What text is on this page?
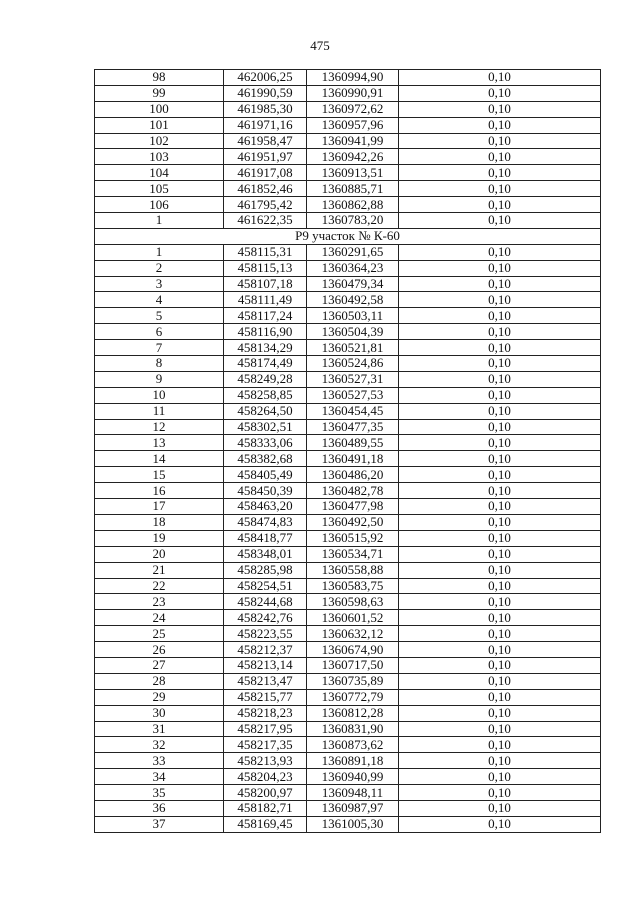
475
98	462006,25	1360994,90	0,10
99	461990,59	1360990,91	0,10
100	461985,30	1360972,62	0,10
101	461971,16	1360957,96	0,10
102	461958,47	1360941,99	0,10
103	461951,97	1360942,26	0,10
104	461917,08	1360913,51	0,10
105	461852,46	1360885,71	0,10
106	461795,42	1360862,88	0,10
1	461622,35	1360783,20	0,10
Р9 участок № К-60			
1	458115,31	1360291,65	0,10
2	458115,13	1360364,23	0,10
3	458107,18	1360479,34	0,10
4	458111,49	1360492,58	0,10
5	458117,24	1360503,11	0,10
6	458116,90	1360504,39	0,10
7	458134,29	1360521,81	0,10
8	458174,49	1360524,86	0,10
9	458249,28	1360527,31	0,10
10	458258,85	1360527,53	0,10
11	458264,50	1360454,45	0,10
12	458302,51	1360477,35	0,10
13	458333,06	1360489,55	0,10
14	458382,68	1360491,18	0,10
15	458405,49	1360486,20	0,10
16	458450,39	1360482,78	0,10
17	458463,20	1360477,98	0,10
18	458474,83	1360492,50	0,10
19	458418,77	1360515,92	0,10
20	458348,01	1360534,71	0,10
21	458285,98	1360558,88	0,10
22	458254,51	1360583,75	0,10
23	458244,68	1360598,63	0,10
24	458242,76	1360601,52	0,10
25	458223,55	1360632,12	0,10
26	458212,37	1360674,90	0,10
27	458213,14	1360717,50	0,10
28	458213,47	1360735,89	0,10
29	458215,77	1360772,79	0,10
30	458218,23	1360812,28	0,10
31	458217,95	1360831,90	0,10
32	458217,35	1360873,62	0,10
33	458213,93	1360891,18	0,10
34	458204,23	1360940,99	0,10
35	458200,97	1360948,11	0,10
36	458182,71	1360987,97	0,10
37	458169,45	1361005,30	0,10
